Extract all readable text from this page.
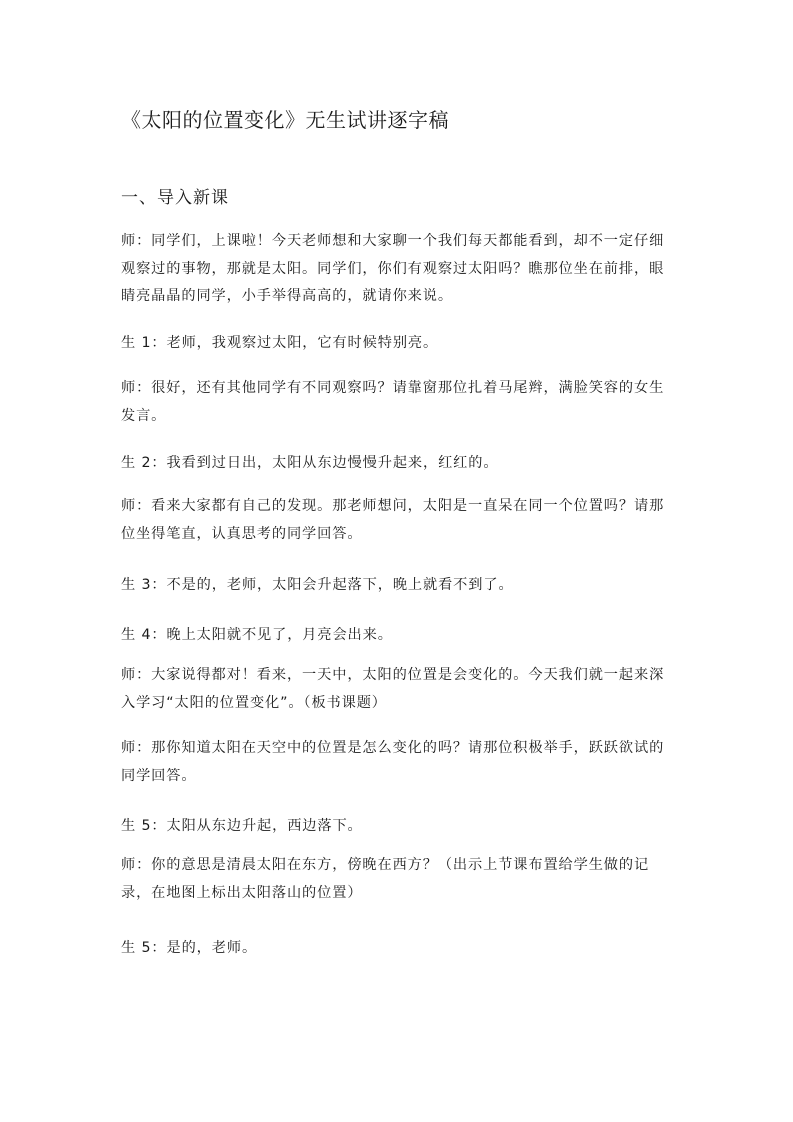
《太阳的位置变化》无生试讲逐字稿
一、导入新课
师：同学们，上课啦！今天老师想和大家聊一个我们每天都能看到，却不一定仔细观察过的事物，那就是太阳。同学们，你们有观察过太阳吗？瞧那位坐在前排，眼睛亮晶晶的同学，小手举得高高的，就请你来说。
生 1：老师，我观察过太阳，它有时候特别亮。
师：很好，还有其他同学有不同观察吗？请靠窗那位扎着马尾辫，满脸笑容的女生发言。
生 2：我看到过日出，太阳从东边慢慢升起来，红红的。
师：看来大家都有自己的发现。那老师想问，太阳是一直呆在同一个位置吗？请那位坐得笔直，认真思考的同学回答。
生 3：不是的，老师，太阳会升起落下，晚上就看不到了。
生 4：晚上太阳就不见了，月亮会出来。
师：大家说得都对！看来，一天中，太阳的位置是会变化的。今天我们就一起来深入学习“太阳的位置变化”。（板书课题）
师：那你知道太阳在天空中的位置是怎么变化的吗？请那位积极举手，跃跃欲试的同学回答。
生 5：太阳从东边升起，西边落下。
师：你的意思是清晨太阳在东方，傍晚在西方？（出示上节课布置给学生做的记录，在地图上标出太阳落山的位置）
生 5：是的，老师。
